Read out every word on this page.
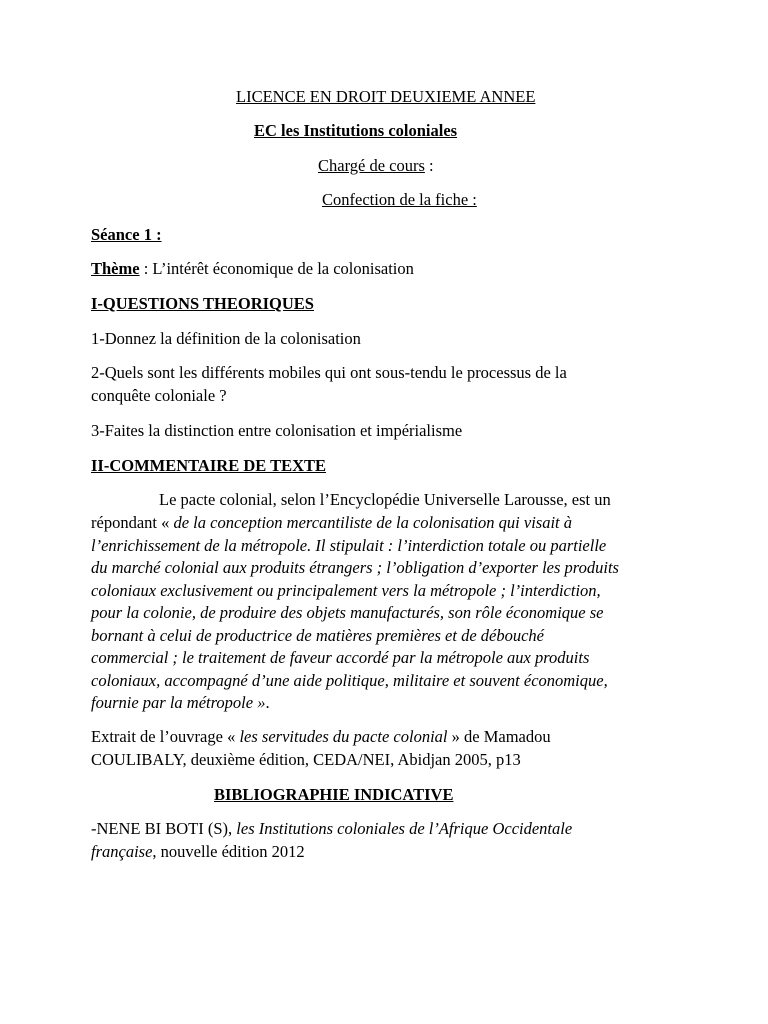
LICENCE EN DROIT DEUXIEME ANNEE
EC les Institutions coloniales
Chargé de cours :
Confection de la fiche :
Séance 1 :
Thème : L’intérêt économique de la colonisation
I-QUESTIONS THEORIQUES
1-Donnez la définition de la colonisation
2-Quels sont les différents mobiles qui ont sous-tendu le processus de la
conquête coloniale ?
3-Faites la distinction entre colonisation et impérialisme
II-COMMENTAIRE DE TEXTE
Le pacte colonial, selon l’Encyclopédie Universelle Larousse, est un
répondant « de la conception mercantiliste de la colonisation qui visait à
l’enrichissement de la métropole. Il stipulait : l’interdiction totale ou partielle
du marché colonial aux produits étrangers ; l’obligation d’exporter les produits
coloniaux exclusivement ou principalement vers la métropole ; l’interdiction,
pour la colonie, de produire des objets manufacturés, son rôle économique se
bornant à celui de productrice de matières premières et de débouché
commercial ; le traitement de faveur accordé par la métropole aux produits
coloniaux, accompagné d’une aide politique, militaire et souvent économique,
fournie par la métropole ».
Extrait de l’ouvrage « les servitudes du pacte colonial » de Mamadou
COULIBALY, deuxième édition, CEDA/NEI, Abidjan 2005, p13
BIBLIOGRAPHIE INDICATIVE
-NENE BI BOTI (S), les Institutions coloniales de l’Afrique Occidentale
française, nouvelle édition 2012
